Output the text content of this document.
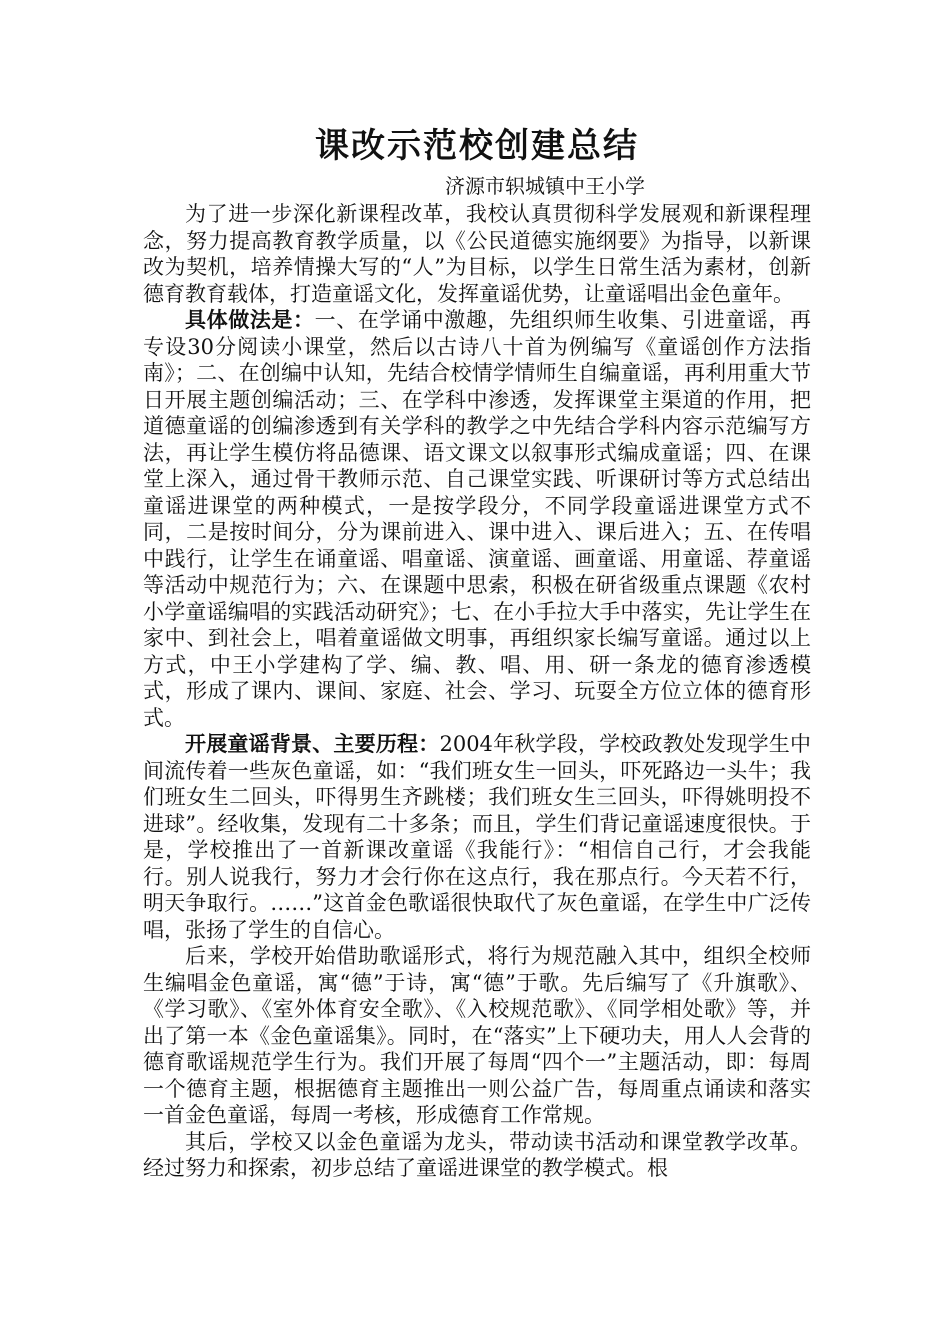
课改示范校创建总结

济源市轵城镇中王小学

为了进一步深化新课程改革，我校认真贯彻科学发展观和新课程理念，努力提高教育教学质量，以《公民道德实施纲要》为指导，以新课改为契机，培养情操大写的“人”为目标，以学生日常生活为素材，创新德育教育载体，打造童谣文化，发挥童谣优势，让童谣唱出金色童年。

具体做法是：一、在学诵中激趣，先组织师生收集、引进童谣，再专设30分阅读小课堂，然后以古诗八十首为例编写《童谣创作方法指南》；二、在创编中认知，先结合校情学情师生自编童谣，再利用重大节日开展主题创编活动；三、在学科中渗透，发挥课堂主渠道的作用，把道德童谣的创编渗透到有关学科的教学之中先结合学科内容示范编写方法，再让学生模仿将品德课、语文课文以叙事形式编成童谣；四、在课堂上深入，通过骨干教师示范、自己课堂实践、听课研讨等方式总结出童谣进课堂的两种模式，一是按学段分，不同学段童谣进课堂方式不同，二是按时间分，分为课前进入、课中进入、课后进入；五、在传唱中践行，让学生在诵童谣、唱童谣、演童谣、画童谣、用童谣、荐童谣等活动中规范行为；六、在课题中思索，积极在研省级重点课题《农村小学童谣编唱的实践活动研究》；七、在小手拉大手中落实，先让学生在家中、到社会上，唱着童谣做文明事，再组织家长编写童谣。通过以上方式，中王小学建构了学、编、教、唱、用、研一条龙的德育渗透模式，形成了课内、课间、家庭、社会、学习、玩耍全方位立体的德育形式。

开展童谣背景、主要历程：2004年秋学段，学校政教处发现学生中间流传着一些灰色童谣，如：“我们班女生一回头，吓死路边一头牛；我们班女生二回头，吓得男生齐跳楼；我们班女生三回头，吓得姚明投不进球”。经收集，发现有二十多条；而且，学生们背记童谣速度很快。于是，学校推出了一首新课改童谣《我能行》：“相信自己行，才会我能行。别人说我行，努力才会行你在这点行，我在那点行。今天若不行，明天争取行。……”这首金色歌谣很快取代了灰色童谣，在学生中广泛传唱，张扬了学生的自信心。

后来，学校开始借助歌谣形式，将行为规范融入其中，组织全校师生编唱金色童谣，寓“德”于诗，寓“德”于歌。先后编写了《升旗歌》、《学习歌》、《室外体育安全歌》、《入校规范歌》、《同学相处歌》等，并出了第一本《金色童谣集》。同时，在“落实”上下硬功夫，用人人会背的德育歌谣规范学生行为。我们开展了每周“四个一”主题活动，即：每周一个德育主题，根据德育主题推出一则公益广告，每周重点诵读和落实一首金色童谣，每周一考核，形成德育工作常规。

其后，学校又以金色童谣为龙头，带动读书活动和课堂教学改革。经过努力和探索，初步总结了童谣进课堂的教学模式。根
